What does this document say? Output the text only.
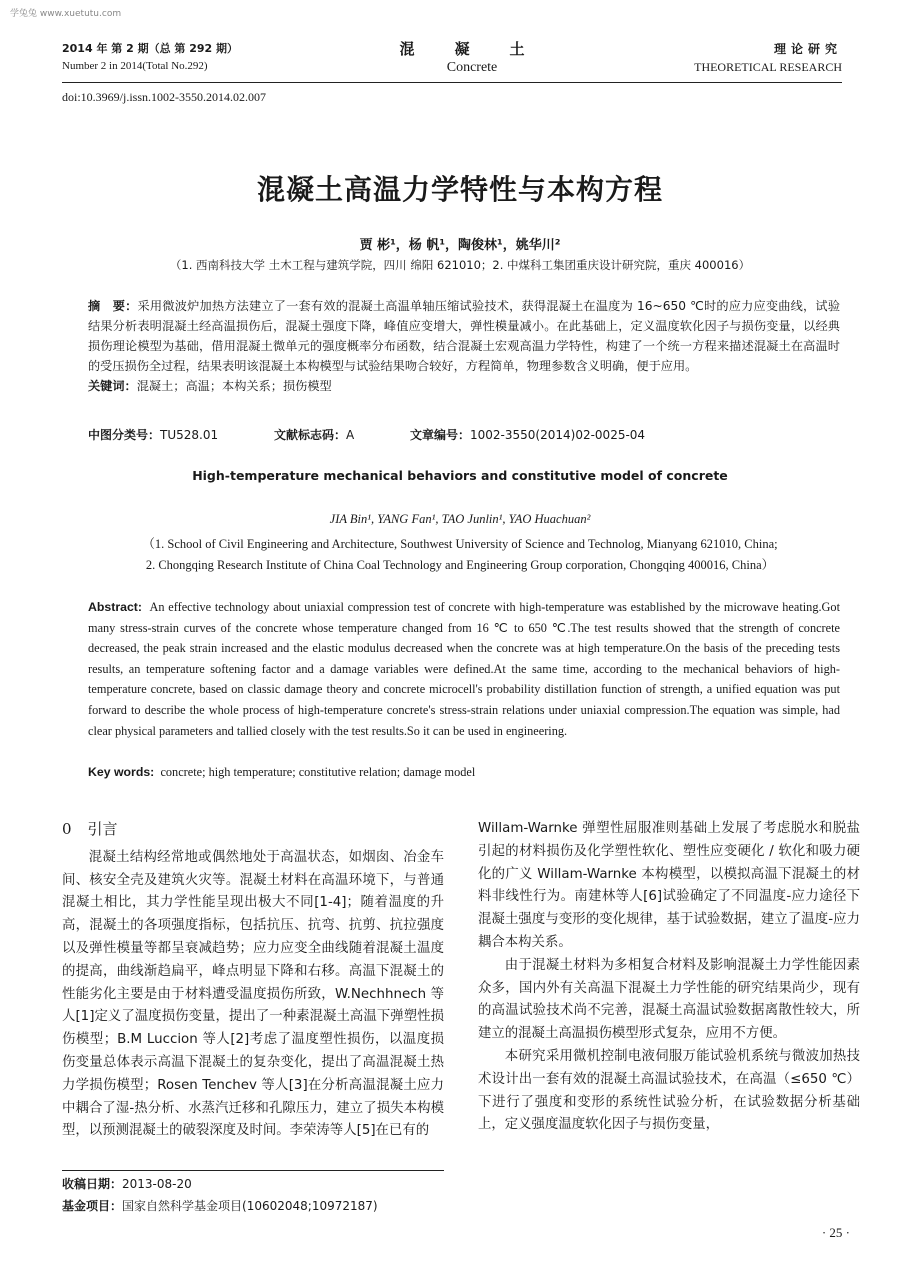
学兔兔 www.xuetutu.com
2014 年 第 2 期（总 第 292 期）
Number 2 in 2014(Total No.292)
混凝土
Concrete
理论研究
THEORETICAL RESEARCH
doi:10.3969/j.issn.1002-3550.2014.02.007
混凝土高温力学特性与本构方程
贾 彬¹，杨 帆¹，陶俊林¹，姚华川²
（1. 西南科技大学 土木工程与建筑学院，四川 绵阳 621010；2. 中煤科工集团重庆设计研究院，重庆 400016）
摘　要：采用微波炉加热方法建立了一套有效的混凝土高温单轴压缩试验技术，获得混凝土在温度为 16~650 ℃时的应力应变曲线，试验结果分析表明混凝土经高温损伤后，混凝土强度下降，峰值应变增大，弹性模量减小。在此基础上，定义温度软化因子与损伤变量，以经典损伤理论模型为基础，借用混凝土微单元的强度概率分布函数，结合混凝土宏观高温力学特性，构建了一个统一方程来描述混凝土在高温时的受压损伤全过程，结果表明该混凝土本构模型与试验结果吻合较好，方程简单，物理参数含义明确，便于应用。
关键词：混凝土；高温；本构关系；损伤模型
中图分类号：TU528.01	文献标志码：A	文章编号：1002-3550(2014)02-0025-04
High-temperature mechanical behaviors and constitutive model of concrete
JIA Bin¹, YANG Fan¹, TAO Junlin¹, YAO Huachuan²
（1. School of Civil Engineering and Architecture, Southwest University of Science and Technolog, Mianyang 621010, China;
2. Chongqing Research Institute of China Coal Technology and Engineering Group corporation, Chongqing 400016, China）
Abstract: An effective technology about uniaxial compression test of concrete with high-temperature was established by the microwave heating.Got many stress-strain curves of the concrete whose temperature changed from 16 ℃ to 650 ℃.The test results showed that the strength of concrete decreased, the peak strain increased and the elastic modulus decreased when the concrete was at high temperature.On the basis of the preceding tests results, an temperature softening factor and a damage variables were defined.At the same time, according to the mechanical behaviors of high-temperature concrete, based on classic damage theory and concrete microcell's probability distillation function of strength, a unified equation was put forward to describe the whole process of high-temperature concrete's stress-strain relations under uniaxial compression.The equation was simple, had clear physical parameters and tallied closely with the test results.So it can be used in engineering.
Key words: concrete; high temperature; constitutive relation; damage model
0 引言

混凝土结构经常地或偶然地处于高温状态，如烟囱、冶金车间、核安全壳及建筑火灾等。混凝土材料在高温环境下，与普通混凝土相比，其力学性能呈现出极大不同[1-4]；随着温度的升高，混凝土的各项强度指标，包括抗压、抗弯、抗剪、抗拉强度以及弹性模量等都呈衰减趋势；应力应变全曲线随着混凝土温度的提高，曲线渐趋扁平，峰点明显下降和右移。高温下混凝土的性能劣化主要是由于材料遭受温度损伤所致，W.Nechhnech 等人[1]定义了温度损伤变量，提出了一种素混凝土高温下弹塑性损伤模型；B.M Luccion 等人[2]考虑了温度塑性损伤，以温度损伤变量总体表示高温下混凝土的复杂变化，提出了高温混凝土热力学损伤模型；Rosen Tenchev 等人[3]在分析高温混凝土应力中耦合了湿-热分析、水蒸汽迁移和孔隙压力，建立了损失本构模型，以预测混凝土的破裂深度及时间。李荣涛等人[5]在已有的

Willam-Warnke 弹塑性屈服准则基础上发展了考虑脱水和脱盐引起的材料损伤及化学塑性软化、塑性应变硬化 / 软化和吸力硬化的广义 Willam-Warnke 本构模型，以模拟高温下混凝土的材料非线性行为。南建林等人[6]试验确定了不同温度-应力途径下混凝土强度与变形的变化规律，基于试验数据，建立了温度-应力耦合本构关系。

由于混凝土材料为多相复合材料及影响混凝土力学性能因素众多，国内外有关高温下混凝土力学性能的研究结果尚少，现有的高温试验技术尚不完善，混凝土高温试验数据离散性较大，所建立的混凝土高温损伤模型形式复杂，应用不方便。

本研究采用微机控制电液伺服万能试验机系统与微波加热技术设计出一套有效的混凝土高温试验技术，在高温（≤650 ℃）下进行了强度和变形的系统性试验分析，在试验数据分析基础上，定义强度温度软化因子与损伤变量，

收稿日期：2013-08-20
基金项目：国家自然科学基金项目(10602048;10972187)
· 25 ·
